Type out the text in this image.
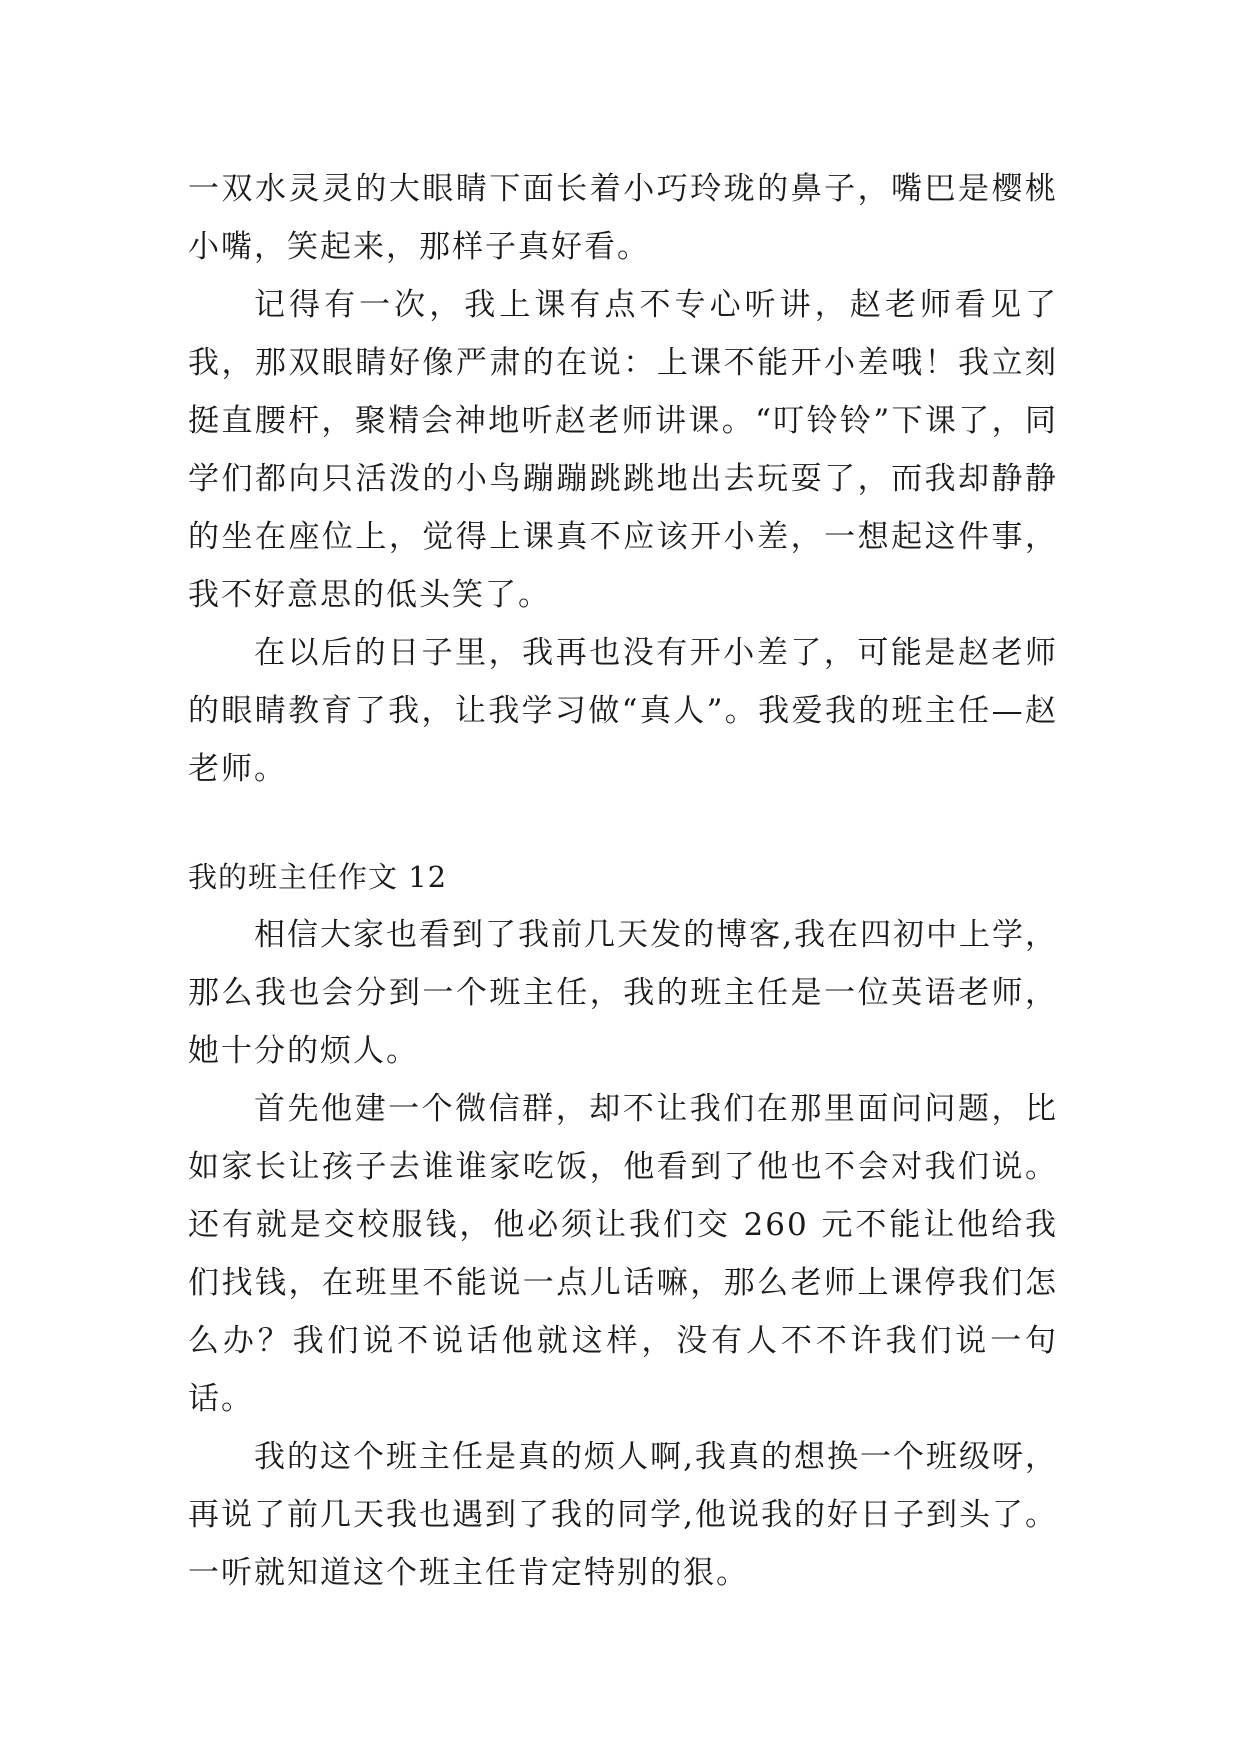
一双水灵灵的大眼睛下面长着小巧玲珑的鼻子，嘴巴是樱桃小嘴，笑起来，那样子真好看。

记得有一次，我上课有点不专心听讲，赵老师看见了我，那双眼睛好像严肃的在说：上课不能开小差哦！我立刻挺直腰杆，聚精会神地听赵老师讲课。“叮铃铃”下课了，同学们都向只活泼的小鸟蹦蹦跳跳地出去玩耍了，而我却静静的坐在座位上，觉得上课真不应该开小差，一想起这件事，我不好意思的低头笑了。

在以后的日子里，我再也没有开小差了，可能是赵老师的眼睛教育了我，让我学习做“真人”。我爱我的班主任—赵老师。

我的班主任作文 12

相信大家也看到了我前几天发的博客,我在四初中上学，那么我也会分到一个班主任，我的班主任是一位英语老师，她十分的烦人。

首先他建一个微信群，却不让我们在那里面问问题，比如家长让孩子去谁谁家吃饭，他看到了他也不会对我们说。还有就是交校服钱，他必须让我们交 260 元不能让他给我们找钱，在班里不能说一点儿话嘛，那么老师上课停我们怎么办？我们说不说话他就这样，没有人不不许我们说一句话。

我的这个班主任是真的烦人啊,我真的想换一个班级呀，再说了前几天我也遇到了我的同学,他说我的好日子到头了。一听就知道这个班主任肯定特别的狠。
